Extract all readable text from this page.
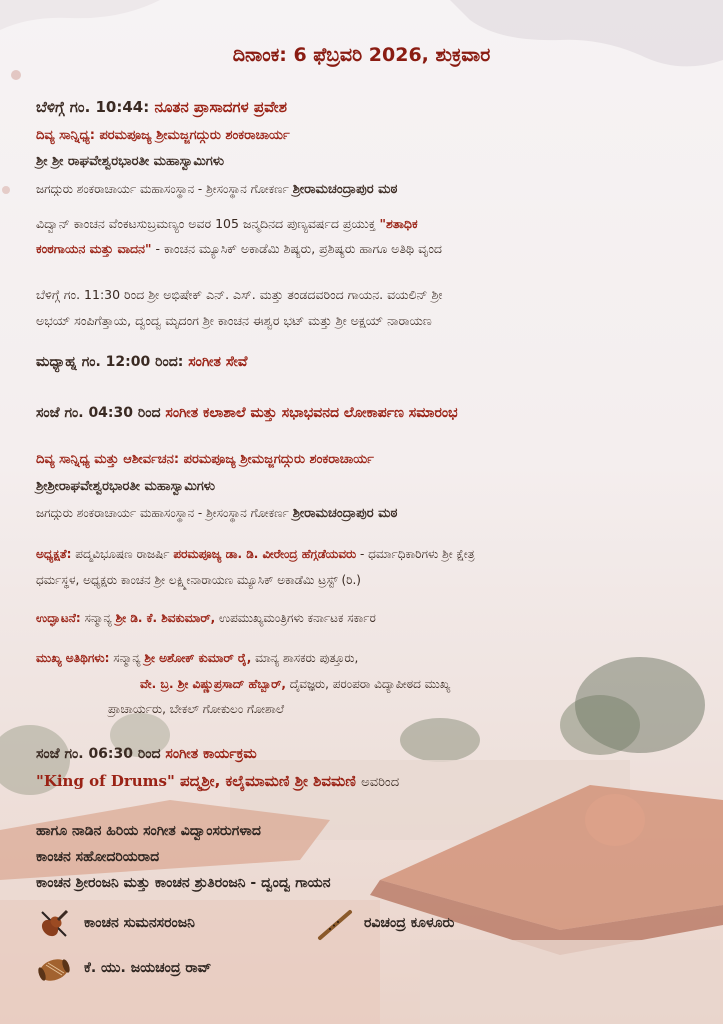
ದಿನಾಂಕ: 6 ಫೆಬ್ರವರಿ 2026, ಶುಕ್ರವಾರ
ಬೆಳಿಗ್ಗೆ ಗಂ. 10:44: ನೂತನ ಪ್ರಾಸಾದಗಳ ಪ್ರವೇಶ
ದಿವ್ಯ ಸಾನ್ನಿಧ್ಯ: ಪರಮಪೂಜ್ಯ ಶ್ರೀಮಜ್ಜಗದ್ಗುರು ಶಂಕರಾಚಾರ್ಯ
ಶ್ರೀ ಶ್ರೀ ರಾಘವೇಶ್ವರಭಾರತೀ ಮಹಾಸ್ವಾಮಿಗಳು
ಜಗದ್ಗುರು ಶಂಕರಾಚಾರ್ಯ ಮಹಾಸಂಸ್ಥಾನ - ಶ್ರೀಸಂಸ್ಥಾನ ಗೋಕರ್ಣ ಶ್ರೀರಾಮಚಂದ್ರಾಪುರ ಮಠ
ವಿದ್ವಾನ್ ಕಾಂಚನ ವೆಂಕಟಸುಬ್ರಮಣ್ಯಂ ಅವರ 105 ಜನ್ಮದಿನದ ಪುಣ್ಯವರ್ಷದ ಪ್ರಯುಕ್ತ "ಶತಾಧಿಕ
ಕಂಠಗಾಯನ ಮತ್ತು ವಾದನ" - ಕಾಂಚನ ಮ್ಯೂಸಿಕ್ ಅಕಾಡೆಮಿ ಶಿಷ್ಯರು, ಪ್ರಶಿಷ್ಯರು ಹಾಗೂ ಅತಿಥಿ ವೃಂದ
ಬೆಳಿಗ್ಗೆ ಗಂ. 11:30 ರಿಂದ ಶ್ರೀ ಅಭಿಷೇಕ್ ಎನ್. ಎಸ್. ಮತ್ತು ತಂಡದವರಿಂದ ಗಾಯನ. ವಯಲಿನ್ ಶ್ರೀ
ಅಭಯ್ ಸಂಪಿಗೆತ್ತಾಯ, ದ್ವಂದ್ವ ಮೃದಂಗ ಶ್ರೀ ಕಾಂಚನ ಈಶ್ವರ ಭಟ್ ಮತ್ತು ಶ್ರೀ ಅಕ್ಷಯ್ ನಾರಾಯಣ
ಮಧ್ಯಾಹ್ನ ಗಂ. 12:00 ರಿಂದ: ಸಂಗೀತ ಸೇವೆ
ಸಂಜೆ ಗಂ. 04:30 ರಿಂದ ಸಂಗೀತ ಕಲಾಶಾಲೆ ಮತ್ತು ಸಭಾಭವನದ ಲೋಕಾರ್ಪಣ ಸಮಾರಂಭ
ದಿವ್ಯ ಸಾನ್ನಿಧ್ಯ ಮತ್ತು ಆಶೀರ್ವಚನ: ಪರಮಪೂಜ್ಯ ಶ್ರೀಮಜ್ಜಗದ್ಗುರು ಶಂಕರಾಚಾರ್ಯ
ಶ್ರೀಶ್ರೀರಾಘವೇಶ್ವರಭಾರತೀ ಮಹಾಸ್ವಾಮಿಗಳು
ಜಗದ್ಗುರು ಶಂಕರಾಚಾರ್ಯ ಮಹಾಸಂಸ್ಥಾನ - ಶ್ರೀಸಂಸ್ಥಾನ ಗೋಕರ್ಣ ಶ್ರೀರಾಮಚಂದ್ರಾಪುರ ಮಠ
ಅಧ್ಯಕ್ಷತೆ: ಪದ್ಮವಿಭೂಷಣ ರಾಜರ್ಷಿ ಪರಮಪೂಜ್ಯ ಡಾ. ಡಿ. ವೀರೇಂದ್ರ ಹೆಗ್ಗಡೆಯವರು - ಧರ್ಮಾಧಿಕಾರಿಗಳು ಶ್ರೀ ಕ್ಷೇತ್ರ
ಧರ್ಮಸ್ಥಳ, ಅಧ್ಯಕ್ಷರು ಕಾಂಚನ ಶ್ರೀ ಲಕ್ಷ್ಮೀನಾರಾಯಣ ಮ್ಯೂಸಿಕ್ ಅಕಾಡೆಮಿ ಟ್ರಸ್ಟ್ (ರಿ.)
ಉದ್ಘಾಟನೆ: ಸನ್ಮಾನ್ಯ ಶ್ರೀ ಡಿ. ಕೆ. ಶಿವಕುಮಾರ್, ಉಪಮುಖ್ಯಮಂತ್ರಿಗಳು ಕರ್ನಾಟಕ ಸರ್ಕಾರ
ಮುಖ್ಯ ಅತಿಥಿಗಳು: ಸನ್ಮಾನ್ಯ ಶ್ರೀ ಅಶೋಕ್ ಕುಮಾರ್ ರೈ, ಮಾನ್ಯ ಶಾಸಕರು ಪುತ್ತೂರು,
ವೇ. ಬ್ರ. ಶ್ರೀ ವಿಷ್ಣುಪ್ರಸಾದ್ ಹೆಬ್ಬಾರ್, ದೈವಜ್ಞರು, ಪರಂಪರಾ ವಿದ್ಯಾಪೀಠದ ಮುಖ್ಯ
ಪ್ರಾಚಾರ್ಯರು, ಬೇಕಲ್ ಗೋಕುಲಂ ಗೋಶಾಲೆ
ಸಂಜೆ ಗಂ. 06:30 ರಿಂದ ಸಂಗೀತ ಕಾರ್ಯಕ್ರಮ
"King of Drums" ಪದ್ಮಶ್ರೀ, ಕಲೈಮಾಮಣಿ ಶ್ರೀ ಶಿವಮಣಿ ಅವರಿಂದ
ಹಾಗೂ ನಾಡಿನ ಹಿರಿಯ ಸಂಗೀತ ವಿದ್ವಾಂಸರುಗಳಾದ
ಕಾಂಚನ ಸಹೋದರಿಯರಾದ
ಕಾಂಚನ ಶ್ರೀರಂಜನಿ ಮತ್ತು ಕಾಂಚನ ಶ್ರುತಿರಂಜನಿ - ದ್ವಂದ್ವ ಗಾಯನ
ಕಾಂಚನ ಸುಮನಸರಂಜನಿ	ರವಿಚಂದ್ರ ಕೂಳೂರು
ಕೆ. ಯು. ಜಯಚಂದ್ರ ರಾವ್
